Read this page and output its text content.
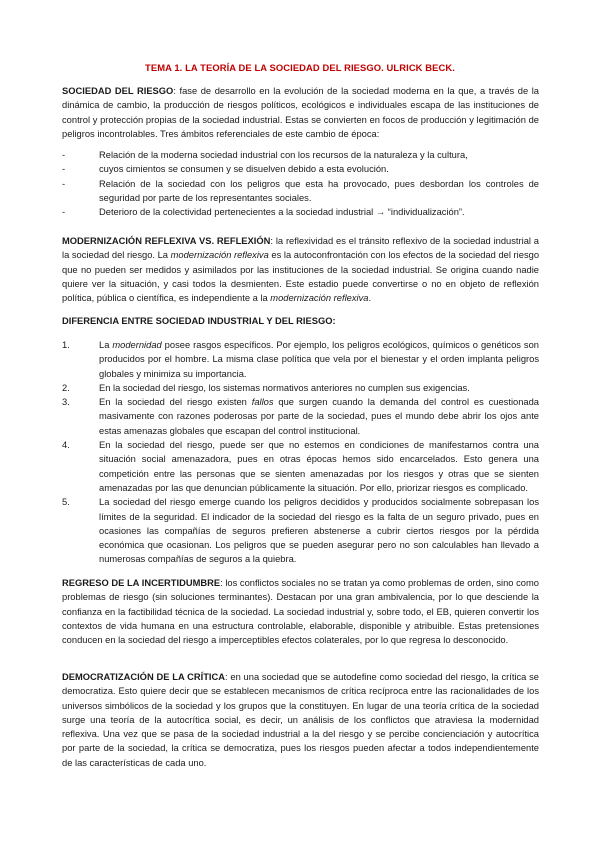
TEMA 1. LA TEORÍA DE LA SOCIEDAD DEL RIESGO. ULRICK BECK.

SOCIEDAD DEL RIESGO: fase de desarrollo en la evolución de la sociedad moderna en la que, a través de la dinámica de cambio, la producción de riesgos políticos, ecológicos e individuales escapa de las instituciones de control y protección propias de la sociedad industrial. Estas se convierten en focos de producción y legitimación de peligros incontrolables. Tres ámbitos referenciales de este cambio de época:

-	Relación de la moderna sociedad industrial con los recursos de la naturaleza y la cultura,
-	cuyos cimientos se consumen y se disuelven debido a esta evolución.
-	Relación de la sociedad con los peligros que esta ha provocado, pues desbordan los controles de seguridad por parte de los representantes sociales.
-	Deterioro de la colectividad pertenecientes a la sociedad industrial → “individualización”.

MODERNIZACIÓN REFLEXIVA VS. REFLEXIÓN: la reflexividad es el tránsito reflexivo de la sociedad industrial a la sociedad del riesgo. La modernización reflexiva es la autoconfrontación con los efectos de la sociedad del riesgo que no pueden ser medidos y asimilados por las instituciones de la sociedad industrial. Se origina cuando nadie quiere ver la situación, y casi todos la desmienten. Este estadio puede convertirse o no en objeto de reflexión política, pública o científica, es independiente a la modernización reflexiva.

DIFERENCIA ENTRE SOCIEDAD INDUSTRIAL Y DEL RIESGO:
1.	La modernidad posee rasgos específicos. Por ejemplo, los peligros ecológicos, químicos o genéticos son producidos por el hombre. La misma clase política que vela por el bienestar y el orden implanta peligros globales y minimiza su importancia.
2.	En la sociedad del riesgo, los sistemas normativos anteriores no cumplen sus exigencias.
3.	En la sociedad del riesgo existen fallos que surgen cuando la demanda del control es cuestionada masivamente con razones poderosas por parte de la sociedad, pues el mundo debe abrir los ojos ante estas amenazas globales que escapan del control institucional.
4.	En la sociedad del riesgo, puede ser que no estemos en condiciones de manifestarnos contra una situación social amenazadora, pues en otras épocas hemos sido encarcelados. Esto genera una competición entre las personas que se sienten amenazadas por los riesgos y otras que se sienten amenazadas por las que denuncian públicamente la situación. Por ello, priorizar riesgos es complicado.
5.	La sociedad del riesgo emerge cuando los peligros decididos y producidos socialmente sobrepasan los límites de la seguridad. El indicador de la sociedad del riesgo es la falta de un seguro privado, pues en ocasiones las compañías de seguros prefieren abstenerse a cubrir ciertos riesgos por la pérdida económica que ocasionan. Los peligros que se pueden asegurar pero no son calculables han llevado a numerosas compañías de seguros a la quiebra.

REGRESO DE LA INCERTIDUMBRE: los conflictos sociales no se tratan ya como problemas de orden, sino como problemas de riesgo (sin soluciones terminantes). Destacan por una gran ambivalencia, por lo que desciende la confianza en la factibilidad técnica de la sociedad. La sociedad industrial y, sobre todo, el EB, quieren convertir los contextos de vida humana en una estructura controlable, elaborable, disponible y atribuible. Estas pretensiones conducen en la sociedad del riesgo a imperceptibles efectos colaterales, por lo que regresa lo desconocido.

DEMOCRATIZACIÓN DE LA CRÍTICA: en una sociedad que se autodefine como sociedad del riesgo, la crítica se democratiza. Esto quiere decir que se establecen mecanismos de crítica recíproca entre las racionalidades de los universos simbólicos de la sociedad y los grupos que la constituyen. En lugar de una teoría crítica de la sociedad surge una teoría de la autocrítica social, es decir, un análisis de los conflictos que atraviesa la modernidad reflexiva. Una vez que se pasa de la sociedad industrial a la del riesgo y se percibe concienciación y autocrítica por parte de la sociedad, la crítica se democratiza, pues los riesgos pueden afectar a todos independientemente de las características de cada uno.
